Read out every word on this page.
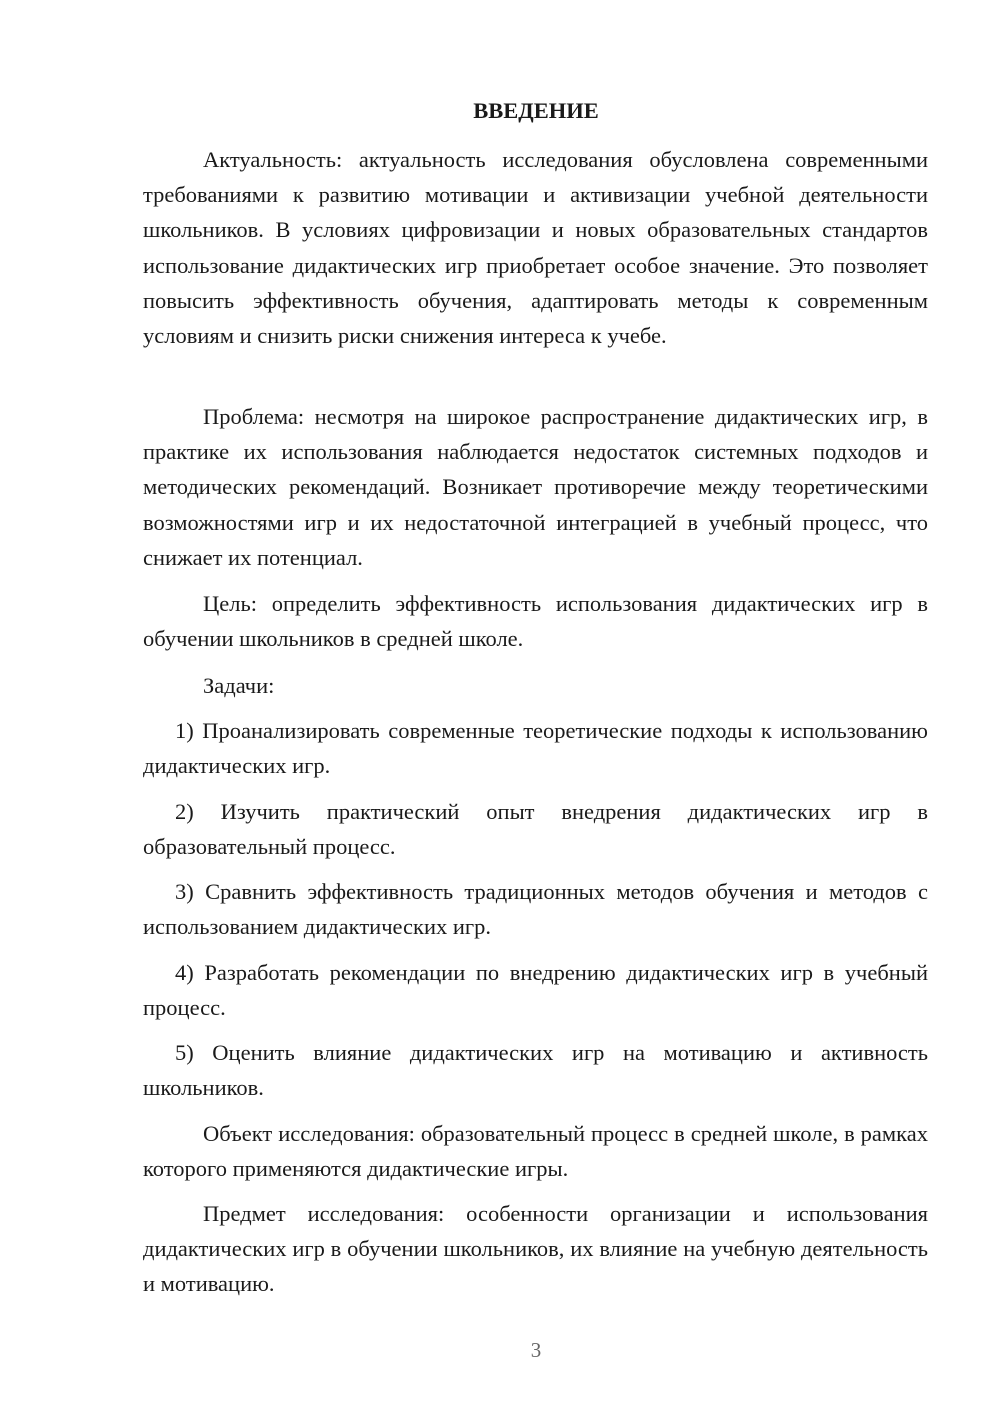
ВВЕДЕНИЕ

Актуальность: актуальность исследования обусловлена современными требованиями к развитию мотивации и активизации учебной деятельности школьников. В условиях цифровизации и новых образовательных стандартов использование дидактических игр приобретает особое значение. Это позволяет повысить эффективность обучения, адаптировать методы к современным условиям и снизить риски снижения интереса к учебе.

Проблема: несмотря на широкое распространение дидактических игр, в практике их использования наблюдается недостаток системных подходов и методических рекомендаций. Возникает противоречие между теоретическими возможностями игр и их недостаточной интеграцией в учебный процесс, что снижает их потенциал.

Цель: определить эффективность использования дидактических игр в обучении школьников в средней школе.

Задачи:

1) Проанализировать современные теоретические подходы к использованию дидактических игр.

2) Изучить практический опыт внедрения дидактических игр в образовательный процесс.

3) Сравнить эффективность традиционных методов обучения и методов с использованием дидактических игр.

4) Разработать рекомендации по внедрению дидактических игр в учебный процесс.

5) Оценить влияние дидактических игр на мотивацию и активность школьников.

Объект исследования: образовательный процесс в средней школе, в рамках которого применяются дидактические игры.

Предмет исследования: особенности организации и использования дидактических игр в обучении школьников, их влияние на учебную деятельность и мотивацию.

3
